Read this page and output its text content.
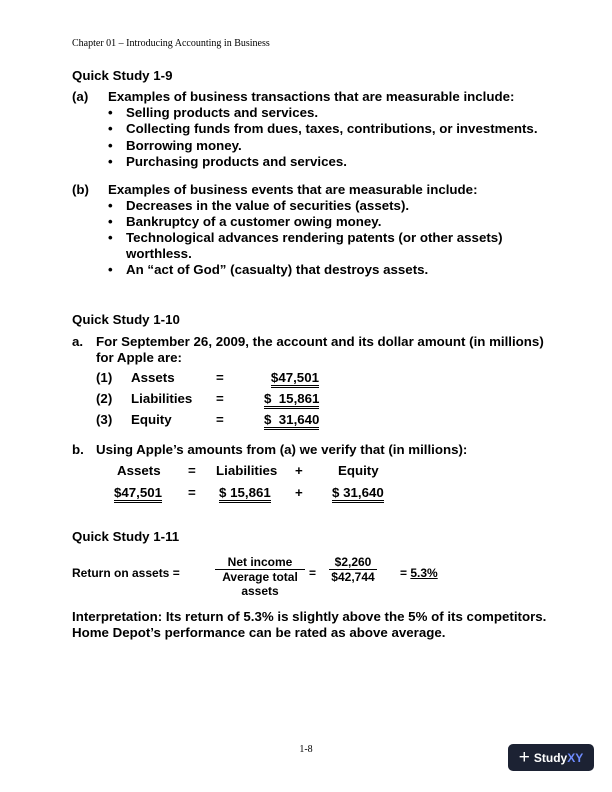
Chapter 01 – Introducing Accounting in Business
Quick Study 1-9
(a) Examples of business transactions that are measurable include:
• Selling products and services.
• Collecting funds from dues, taxes, contributions, or investments.
• Borrowing money.
• Purchasing products and services.
(b) Examples of business events that are measurable include:
• Decreases in the value of securities (assets).
• Bankruptcy of a customer owing money.
• Technological advances rendering patents (or other assets) worthless.
• An “act of God” (casualty) that destroys assets.
Quick Study 1-10
a. For September 26, 2009, the account and its dollar amount (in millions)
for Apple are:
(1) Assets	=	$47,501
(2) Liabilities =	$  15,861
(3) Equity	=	$  31,640
b. Using Apple’s amounts from (a) we verify that (in millions):
Assets = Liabilities +	Equity
$47,501 = $ 15,861 + $ 31,640
Quick Study 1-11
Return on assets =
Net income
Average total assets
= $\frac{\$2,260}{\$42,744} = 5.3\%$
Interpretation: Its return of 5.3% is slightly above the 5% of its competitors.
Home Depot’s performance can be rated as above average.
1-8	+ Study XY
